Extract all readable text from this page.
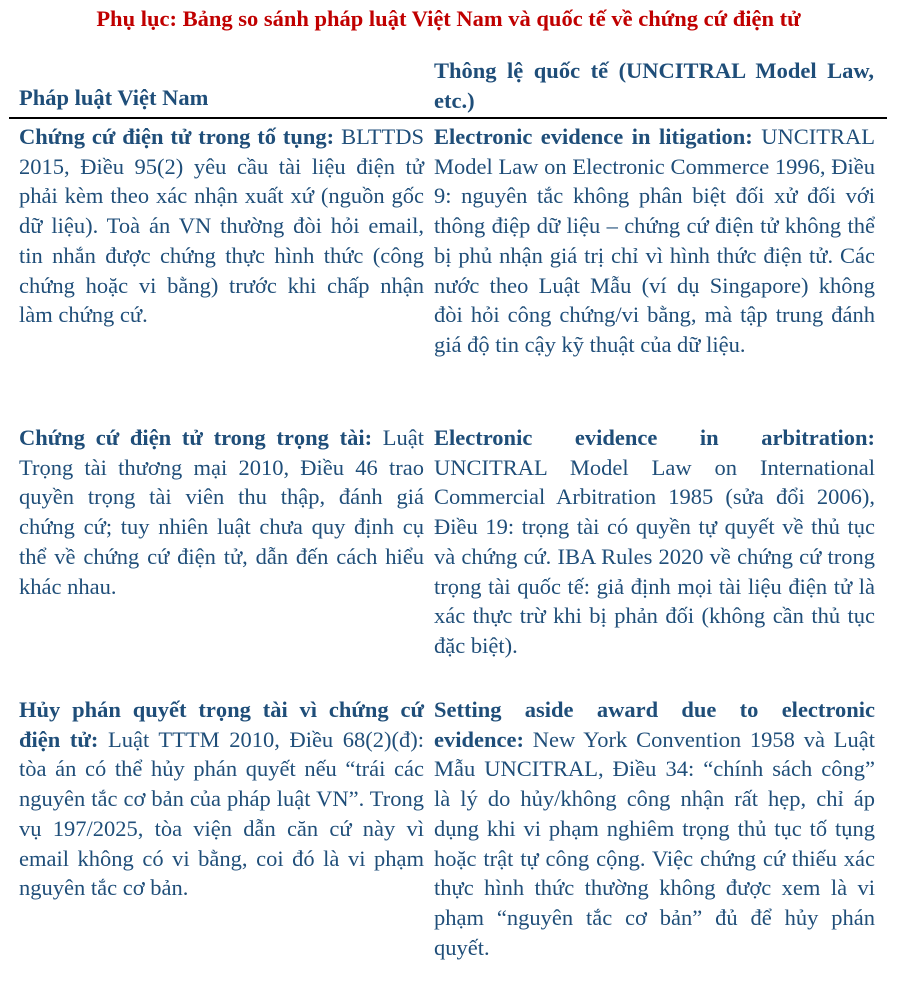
Phụ lục: Bảng so sánh pháp luật Việt Nam và quốc tế về chứng cứ điện tử
Pháp luật Việt Nam
Thông lệ quốc tế (UNCITRAL Model Law, etc.)
Chứng cứ điện tử trong tố tụng: BLTTDS 2015, Điều 95(2) yêu cầu tài liệu điện tử phải kèm theo xác nhận xuất xứ (nguồn gốc dữ liệu). Toà án VN thường đòi hỏi email, tin nhắn được chứng thực hình thức (công chứng hoặc vi bằng) trước khi chấp nhận làm chứng cứ.
Electronic evidence in litigation: UNCITRAL Model Law on Electronic Commerce 1996, Điều 9: nguyên tắc không phân biệt đối xử đối với thông điệp dữ liệu – chứng cứ điện tử không thể bị phủ nhận giá trị chỉ vì hình thức điện tử. Các nước theo Luật Mẫu (ví dụ Singapore) không đòi hỏi công chứng/vi bằng, mà tập trung đánh giá độ tin cậy kỹ thuật của dữ liệu.
Chứng cứ điện tử trong trọng tài: Luật Trọng tài thương mại 2010, Điều 46 trao quyền trọng tài viên thu thập, đánh giá chứng cứ; tuy nhiên luật chưa quy định cụ thể về chứng cứ điện tử, dẫn đến cách hiểu khác nhau.
Electronic evidence in arbitration: UNCITRAL Model Law on International Commercial Arbitration 1985 (sửa đổi 2006), Điều 19: trọng tài có quyền tự quyết về thủ tục và chứng cứ. IBA Rules 2020 về chứng cứ trong trọng tài quốc tế: giả định mọi tài liệu điện tử là xác thực trừ khi bị phản đối (không cần thủ tục đặc biệt).
Hủy phán quyết trọng tài vì chứng cứ điện tử: Luật TTTM 2010, Điều 68(2)(đ): tòa án có thể hủy phán quyết nếu “trái các nguyên tắc cơ bản của pháp luật VN”. Trong vụ 197/2025, tòa viện dẫn căn cứ này vì email không có vi bằng, coi đó là vi phạm nguyên tắc cơ bản.
Setting aside award due to electronic evidence: New York Convention 1958 và Luật Mẫu UNCITRAL, Điều 34: “chính sách công” là lý do hủy/không công nhận rất hẹp, chỉ áp dụng khi vi phạm nghiêm trọng thủ tục tố tụng hoặc trật tự công cộng. Việc chứng cứ thiếu xác thực hình thức thường không được xem là vi phạm “nguyên tắc cơ bản” đủ để hủy phán quyết.
